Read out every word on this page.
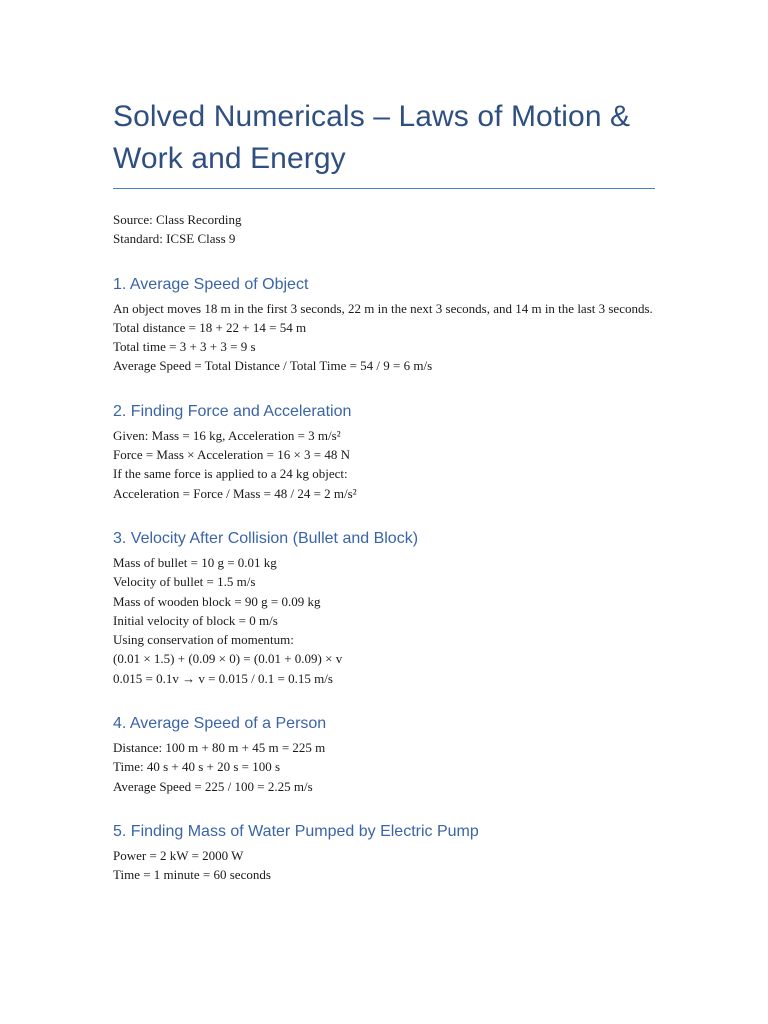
Solved Numericals – Laws of Motion & Work and Energy
Source: Class Recording
Standard: ICSE Class 9
1. Average Speed of Object
An object moves 18 m in the first 3 seconds, 22 m in the next 3 seconds, and 14 m in the last 3 seconds.
Total distance = 18 + 22 + 14 = 54 m
Total time = 3 + 3 + 3 = 9 s
Average Speed = Total Distance / Total Time = 54 / 9 = 6 m/s
2. Finding Force and Acceleration
Given: Mass = 16 kg, Acceleration = 3 m/s²
Force = Mass × Acceleration = 16 × 3 = 48 N
If the same force is applied to a 24 kg object:
Acceleration = Force / Mass = 48 / 24 = 2 m/s²
3. Velocity After Collision (Bullet and Block)
Mass of bullet = 10 g = 0.01 kg
Velocity of bullet = 1.5 m/s
Mass of wooden block = 90 g = 0.09 kg
Initial velocity of block = 0 m/s
Using conservation of momentum:
(0.01 × 1.5) + (0.09 × 0) = (0.01 + 0.09) × v
0.015 = 0.1v → v = 0.015 / 0.1 = 0.15 m/s
4. Average Speed of a Person
Distance: 100 m + 80 m + 45 m = 225 m
Time: 40 s + 40 s + 20 s = 100 s
Average Speed = 225 / 100 = 2.25 m/s
5. Finding Mass of Water Pumped by Electric Pump
Power = 2 kW = 2000 W
Time = 1 minute = 60 seconds
